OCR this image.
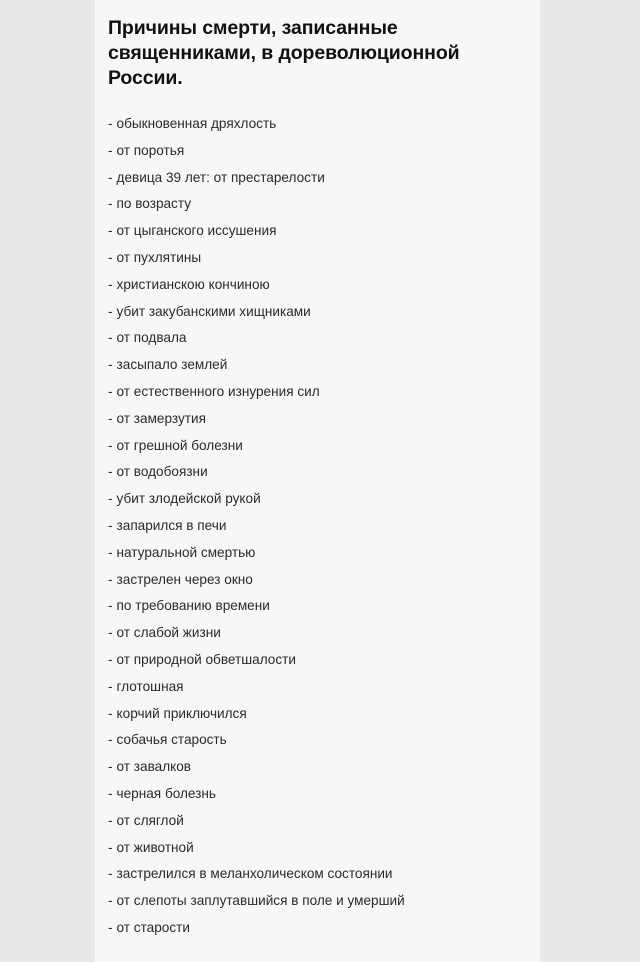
Причины смерти, записанные священниками, в дореволюционной России.
- обыкновенная дряхлость
- от поротья
- девица 39 лет: от престарелости
- по возрасту
- от цыганского иссушения
- от пухлятины
- христианскою кончиною
- убит закубанскими хищниками
- от подвала
- засыпало землей
- от естественного изнурения сил
- от замерзутия
- от грешной болезни
- от водобоязни
- убит злодейской рукой
- запарился в печи
- натуральной смертью
- застрелен через окно
- по требованию времени
- от слабой жизни
- от природной обветшалости
- глотошная
- корчий приключился
- собачья старость
- от завалков
- черная болезнь
- от сляглой
- от животной
- застрелился в меланхолическом состоянии
- от слепоты заплутавшийся в поле и умерший
- от старости
